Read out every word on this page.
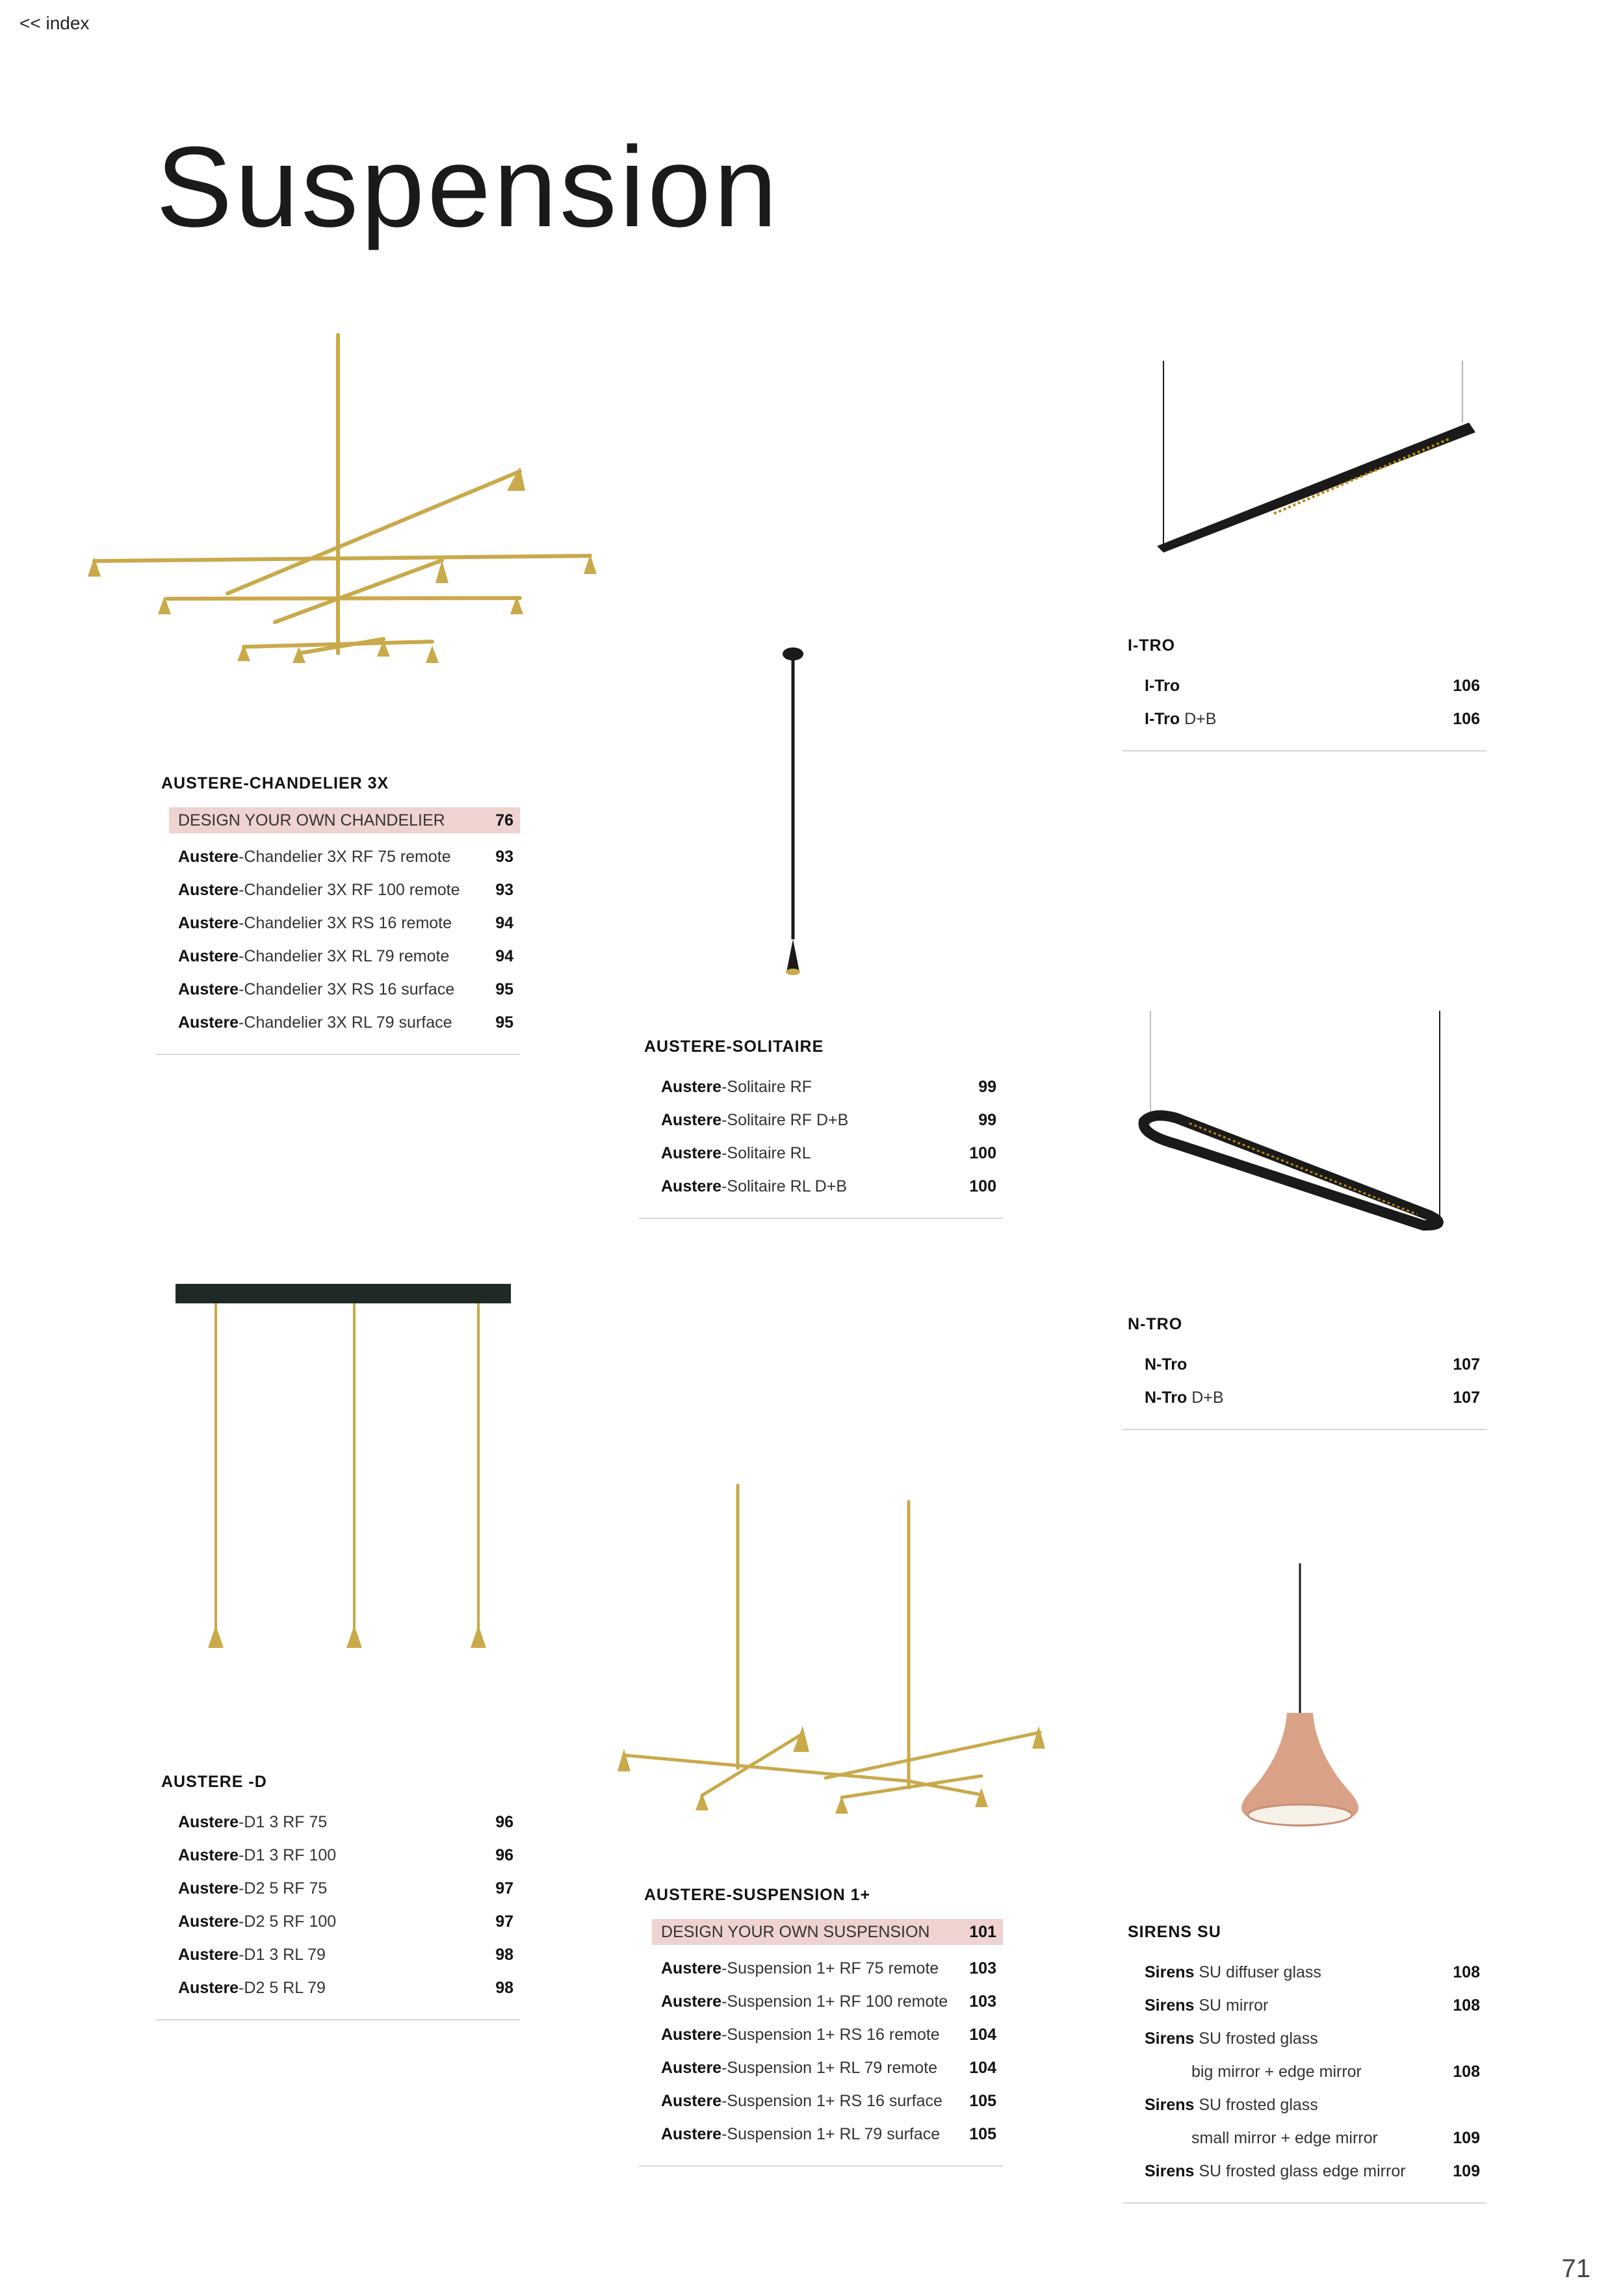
<< index
Suspension
AUSTERE-CHANDELIER 3X
DESIGN YOUR OWN CHANDELIER	76
Austere-Chandelier 3X RF 75 remote	93
Austere-Chandelier 3X RF 100 remote 93
Austere-Chandelier 3X RS 16 remote	94
Austere-Chandelier 3X RL 79 remote	94
Austere-Chandelier 3X RS 16 surface	95
Austere-Chandelier 3X RL 79 surface	95
AUSTERE-SOLITAIRE
Austere-Solitaire RF	99
Austere-Solitaire RF D+B	99
Austere-Solitaire RL	100
Austere-Solitaire RL D+B	100
I-TRO
I-Tro	106
I-Tro D+B	106
N-TRO
N-Tro	107
N-Tro D+B	107
AUSTERE -D
Austere-D1 3 RF 75	96
Austere-D1 3 RF 100	96
Austere-D2 5 RF 75	97
Austere-D2 5 RF 100	97
Austere-D1 3 RL 79	98
Austere-D2 5 RL 79	98
AUSTERE-SUSPENSION 1+
DESIGN YOUR OWN SUSPENSION 101
Austere-Suspension 1+ RF 75 remote 103
Austere-Suspension 1+ RF 100 remote 103
Austere-Suspension 1+ RS 16 remote 104
Austere-Suspension 1+ RL 79 remote 104
Austere-Suspension 1+ RS 16 surface 105
Austere-Suspension 1+ RL 79 surface 105
SIRENS SU
Sirens SU diffuser glass	108
Sirens SU mirror	108
Sirens SU frosted glass
big mirror + edge mirror	108
Sirens SU frosted glass
small mirror + edge mirror	109
Sirens SU frosted glass edge mirror	109
71
